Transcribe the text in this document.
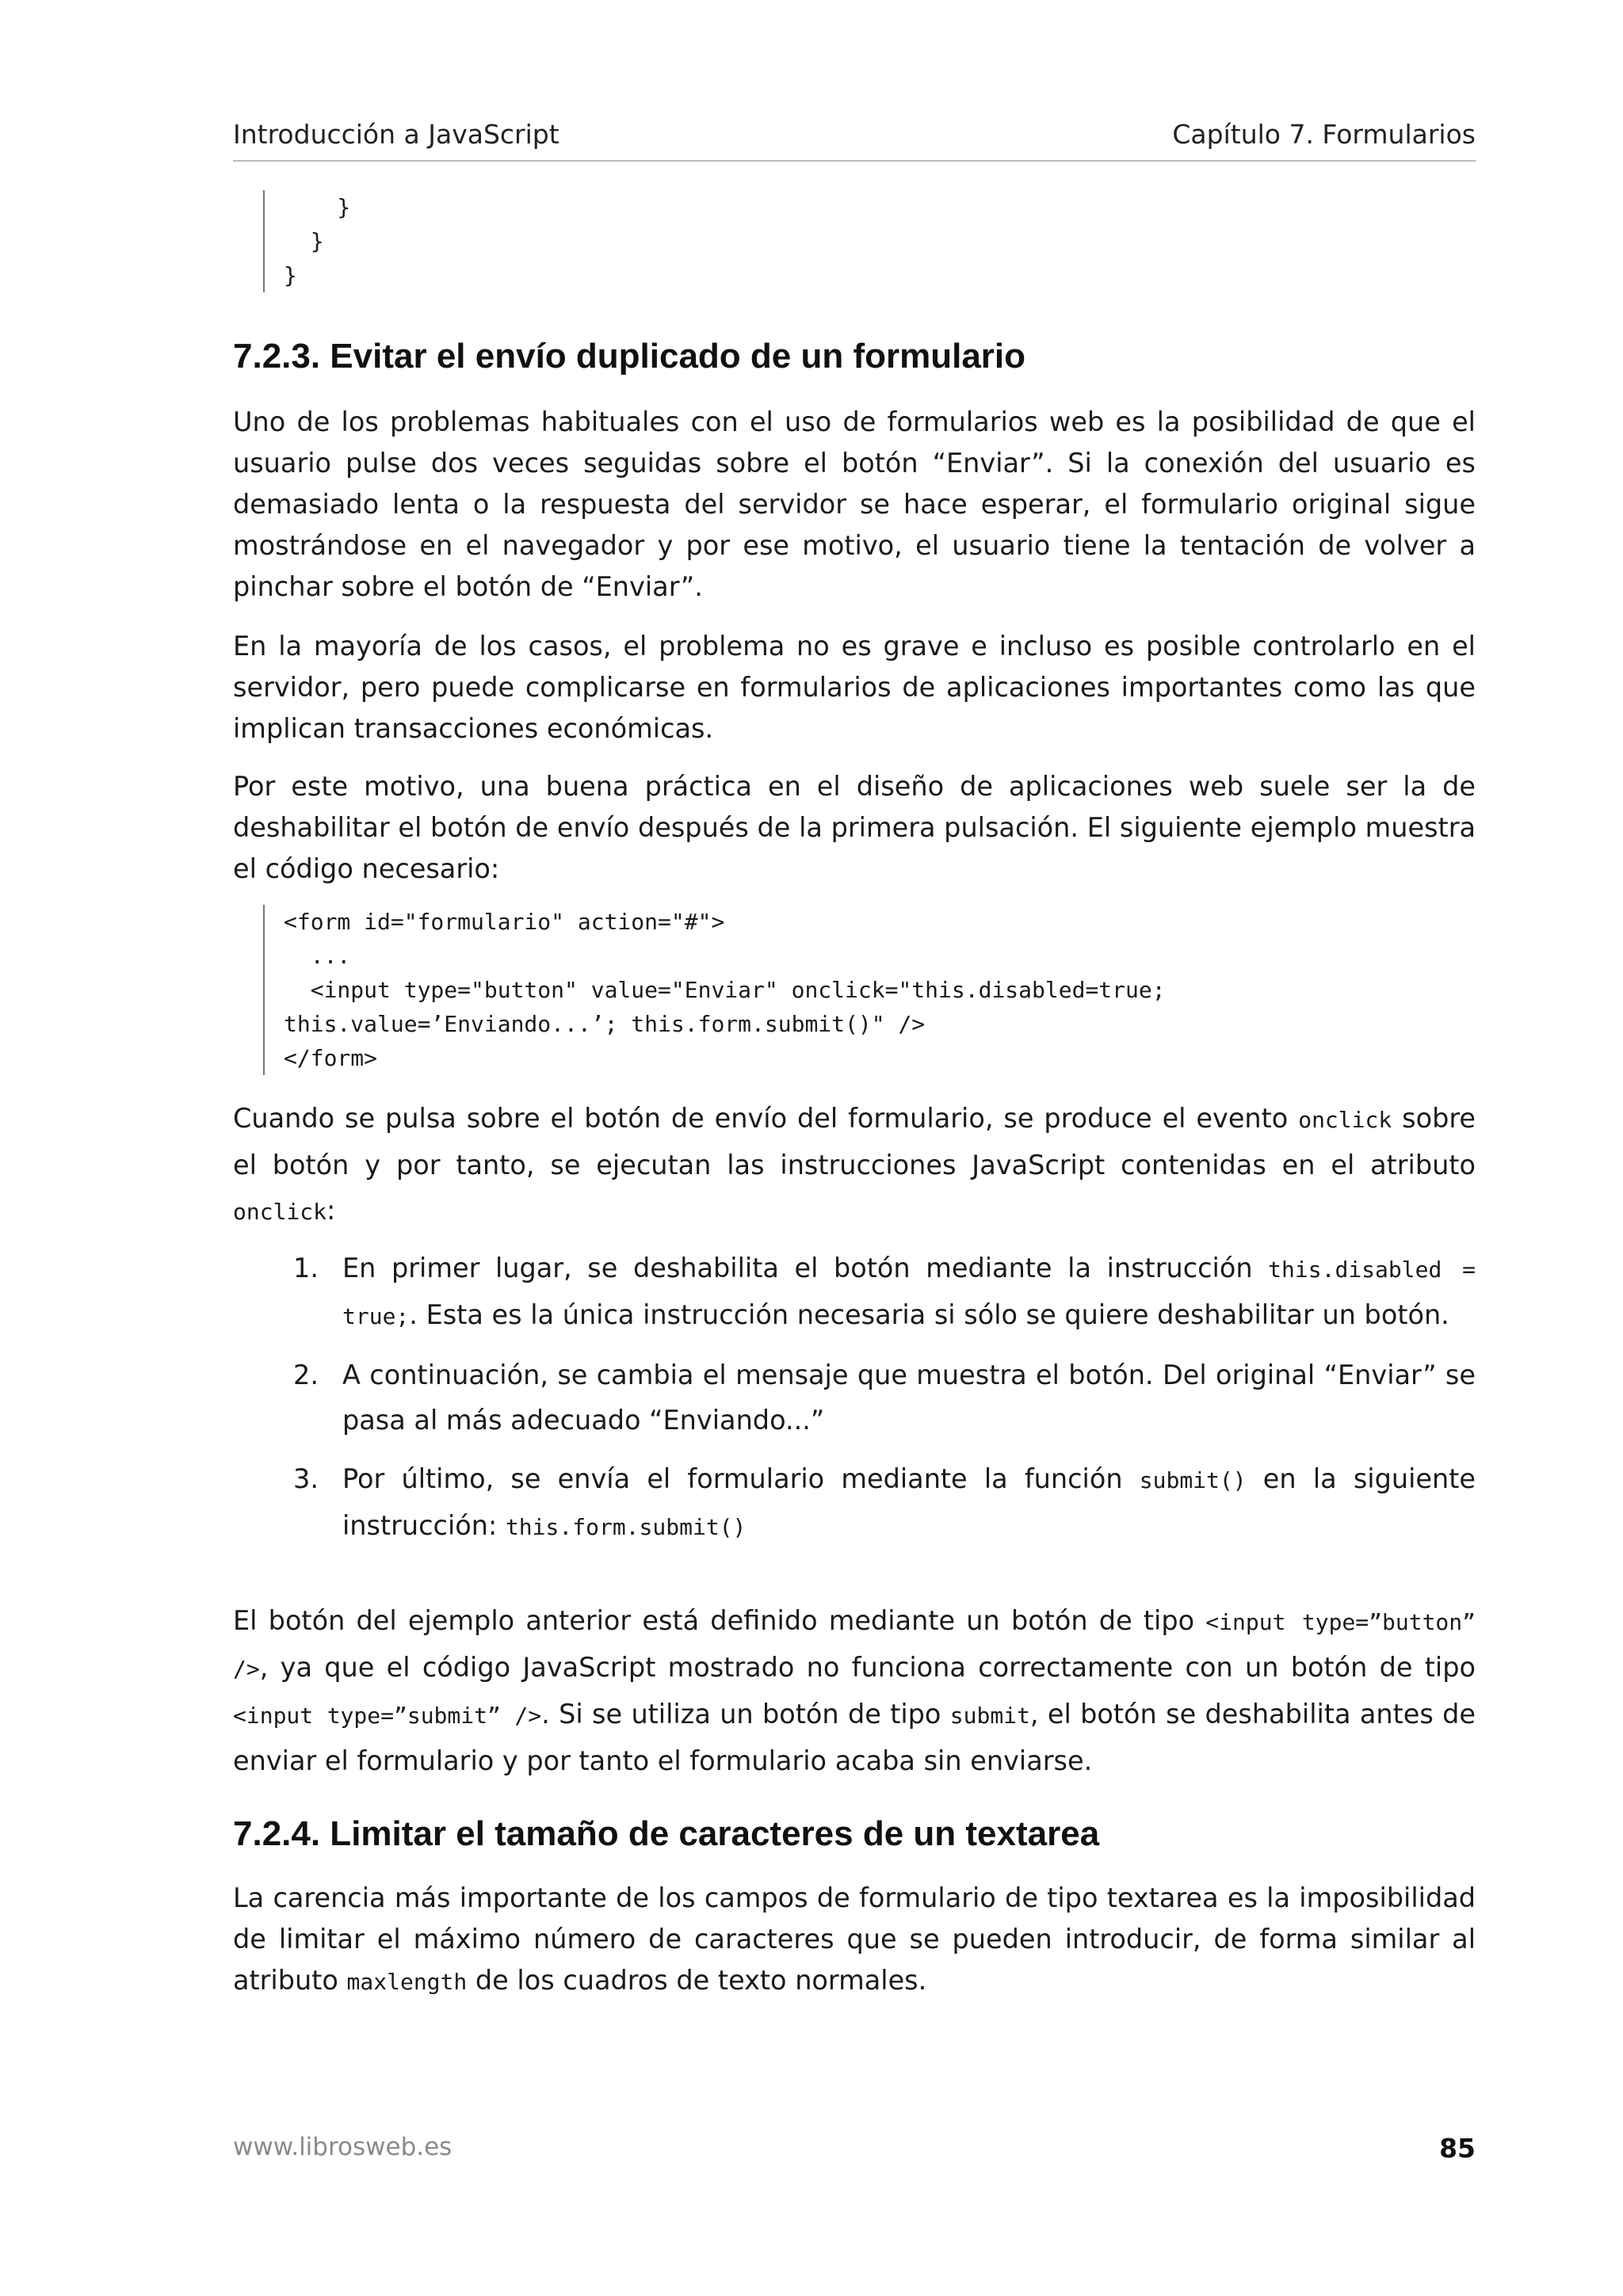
Introducción a JavaScript	Capítulo 7. Formularios
}
}
}
7.2.3. Evitar el envío duplicado de un formulario

Uno de los problemas habituales con el uso de formularios web es la posibilidad de que el usuario pulse dos veces seguidas sobre el botón “Enviar”. Si la conexión del usuario es demasiado lenta o la respuesta del servidor se hace esperar, el formulario original sigue mostrándose en el navegador y por ese motivo, el usuario tiene la tentación de volver a pinchar sobre el botón de “Enviar”.

En la mayoría de los casos, el problema no es grave e incluso es posible controlarlo en el servidor, pero puede complicarse en formularios de aplicaciones importantes como las que implican transacciones económicas.

Por este motivo, una buena práctica en el diseño de aplicaciones web suele ser la de deshabilitar el botón de envío después de la primera pulsación. El siguiente ejemplo muestra el código necesario:

<form id="formulario" action="#">
...
<input type="button" value="Enviar" onclick="this.disabled=true;
this.value=’Enviando...’; this.form.submit()" />
</form>

Cuando se pulsa sobre el botón de envío del formulario, se produce el evento onclick sobre el botón y por tanto, se ejecutan las instrucciones JavaScript contenidas en el atributo onclick:

1. En primer lugar, se deshabilita el botón mediante la instrucción this.disabled = true;. Esta es la única instrucción necesaria si sólo se quiere deshabilitar un botón.
2. A continuación, se cambia el mensaje que muestra el botón. Del original “Enviar” se pasa al más adecuado “Enviando...”
3. Por último, se envía el formulario mediante la función submit() en la siguiente instrucción: this.form.submit()

El botón del ejemplo anterior está definido mediante un botón de tipo <input type=”button” />, ya que el código JavaScript mostrado no funciona correctamente con un botón de tipo <input type=”submit” />. Si se utiliza un botón de tipo submit, el botón se deshabilita antes de enviar el formulario y por tanto el formulario acaba sin enviarse.

7.2.4. Limitar el tamaño de caracteres de un textarea

La carencia más importante de los campos de formulario de tipo textarea es la imposibilidad de limitar el máximo número de caracteres que se pueden introducir, de forma similar al atributo maxlength de los cuadros de texto normales.

www.librosweb.es	85
